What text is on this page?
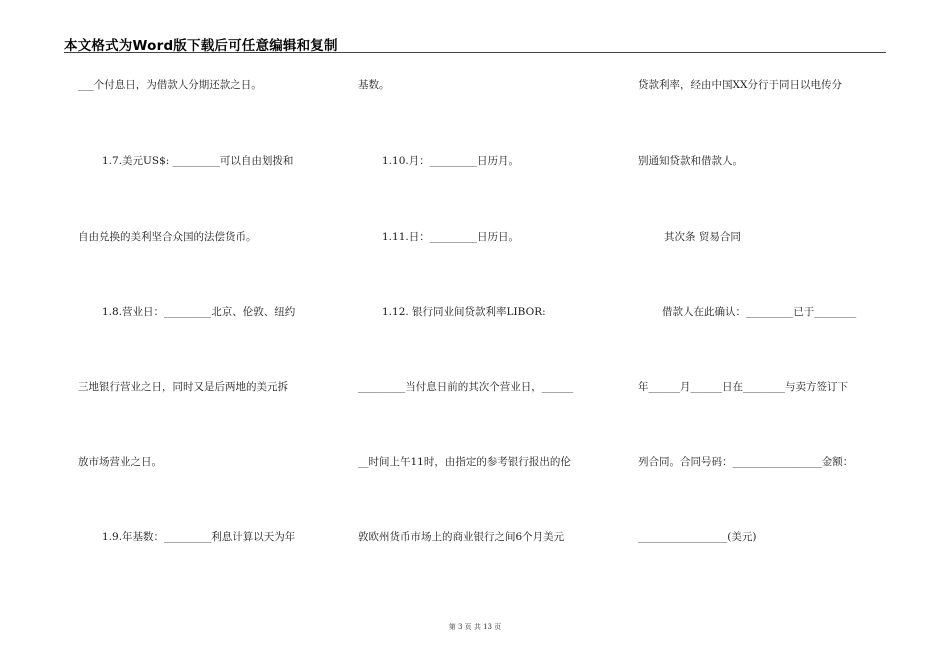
本文格式为Word版下载后可任意编辑和复制
___个付息日，为借款人分期还款之日。
1.7.美元US$: _________可以自由划拨和
自由兑换的美利坚合众国的法偿货币。
1.8.营业日：_________北京、伦敦、纽约
三地银行营业之日，同时又是后两地的美元拆
放市场营业之日。
1.9.年基数：_________利息计算以天为年
基数。
1.10.月：_________日历月。
1.11.日：_________日历日。
1.12. 银行同业间贷款利率LIBOR:
_________当付息日前的其次个营业日，______
__时间上午11时，由指定的参考银行报出的伦
敦欧州货币市场上的商业银行之间6个月美元
贷款利率，经由中国XX分行于同日以电传分
别通知贷款和借款人。
其次条 贸易合同
借款人在此确认：_________已于________
年______月______日在________与卖方签订下
列合同。合同号码：_________________金额：
_________________(美元)
第 3 页 共 13 页
